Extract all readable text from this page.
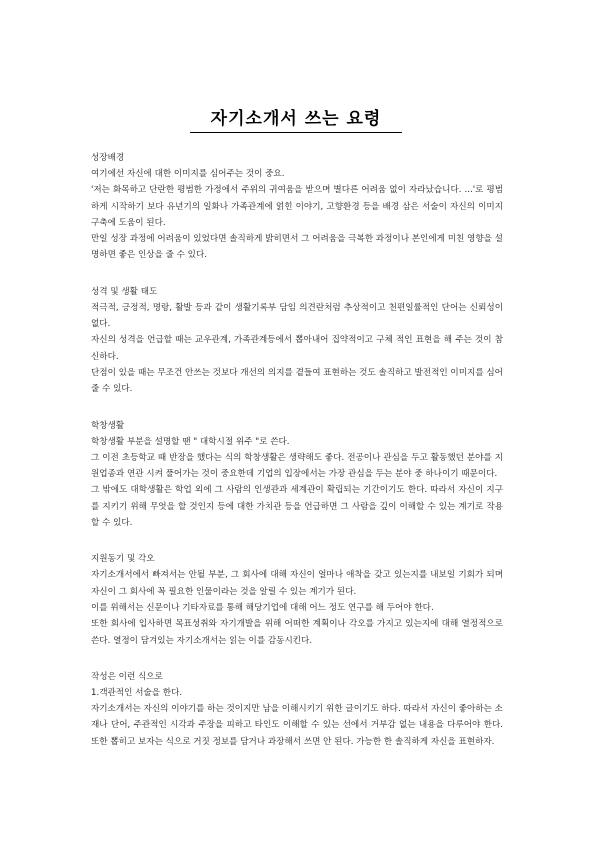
자기소개서 쓰는 요령
성장배경

여기에선 자신에 대한 이미지를 심어주는 것이 중요.

'저는 화목하고 단란한 평범한 가정에서 주위의 귀여움을 받으며 별다른 어려움 없이 자라났습니다. ...'로 평범하게 시작하기 보다 유년기의 일화나 가족관계에 얽힌 이야기, 고향환경 등을 배경 삼은 서술이 자신의 이미지 구축에 도움이 된다.

만일 성장 과정에 어려움이 있었다면 솔직하게 밝히면서 그 어려움을 극복한 과정이나 본인에게 미친 영향을 설명하면 좋은 인상을 줄 수 있다.

성격 및 생활 태도

적극적, 긍정적, 명랑, 활발 등과 같이 생활기록부 담임 의견란처럼 추상적이고 천편일률적인 단어는 신뢰성이 없다.

자신의 성격을 언급할 때는 교우관계, 가족관계등에서 뽑아내어 집약적이고 구체 적인 표현을 해 주는 것이 참신하다.

단점이 있을 때는 무조건 안쓰는 것보다 개선의 의지를 곁들여 표현하는 것도 솔직하고 발전적인 이미지를 심어줄 수 있다.

학창생활

학창생활 부분을 설명할 땐 " 대학시절 위주 "로 쓴다.

그 이전 초등학교 때 반장을 했다는 식의 학창생활은 생략해도 좋다. 전공이나 관심을 두고 활동했던 분야를 지원업종과 연관 시켜 풀어가는 것이 중요한데 기업의 입장에서는 가장 관심을 두는 분야 중 하나이기 때문이다.

그 밖에도 대학생활은 학업 외에 그 사람의 인생관과 세계관이 확립되는 기간이기도 한다. 따라서 자신이 지구를 지키기 위해 무엇을 할 것인지 등에 대한 가치관 등을 언급하면 그 사람을 깊이 이해할 수 있는 계기로 작용할 수 있다.

지원동기 및 각오

자기소개서에서 빠져서는 안될 부분, 그 회사에 대해 자신이 얼마나 애착을 갖고 있는지를 내보일 기회가 되며 자신이 그 회사에 꼭 필요한 인물이라는 것을 알릴 수 있는 계기가 된다.

이를 위해서는 신문이나 기타자료를 통해 해당기업에 대해 어느 정도 연구를 해 두어야 한다.

또한 회사에 입사하면 목표성취와 자기개발을 위해 어떠한 계획이나 각오를 가지고 있는지에 대해 열정적으로 쓴다. 열정이 담겨있는 자기소개서는 읽는 이를 감동시킨다.

작성은 이런 식으로

1.객관적인 서술을 한다.

자기소개서는 자신의 이야기를 하는 것이지만 남을 이해시키기 위한 글이기도 하다. 따라서 자신이 좋아하는 소재나 단어, 주관적인 시각과 주장을 피하고 타인도 이해할 수 있는 선에서 거부감 없는 내용을 다루어야 한다. 또한 뽑히고 보자는 식으로 거짓 정보를 담거나 과장해서 쓰면 안 된다. 가능한 한 솔직하게 자신을 표현하자.
